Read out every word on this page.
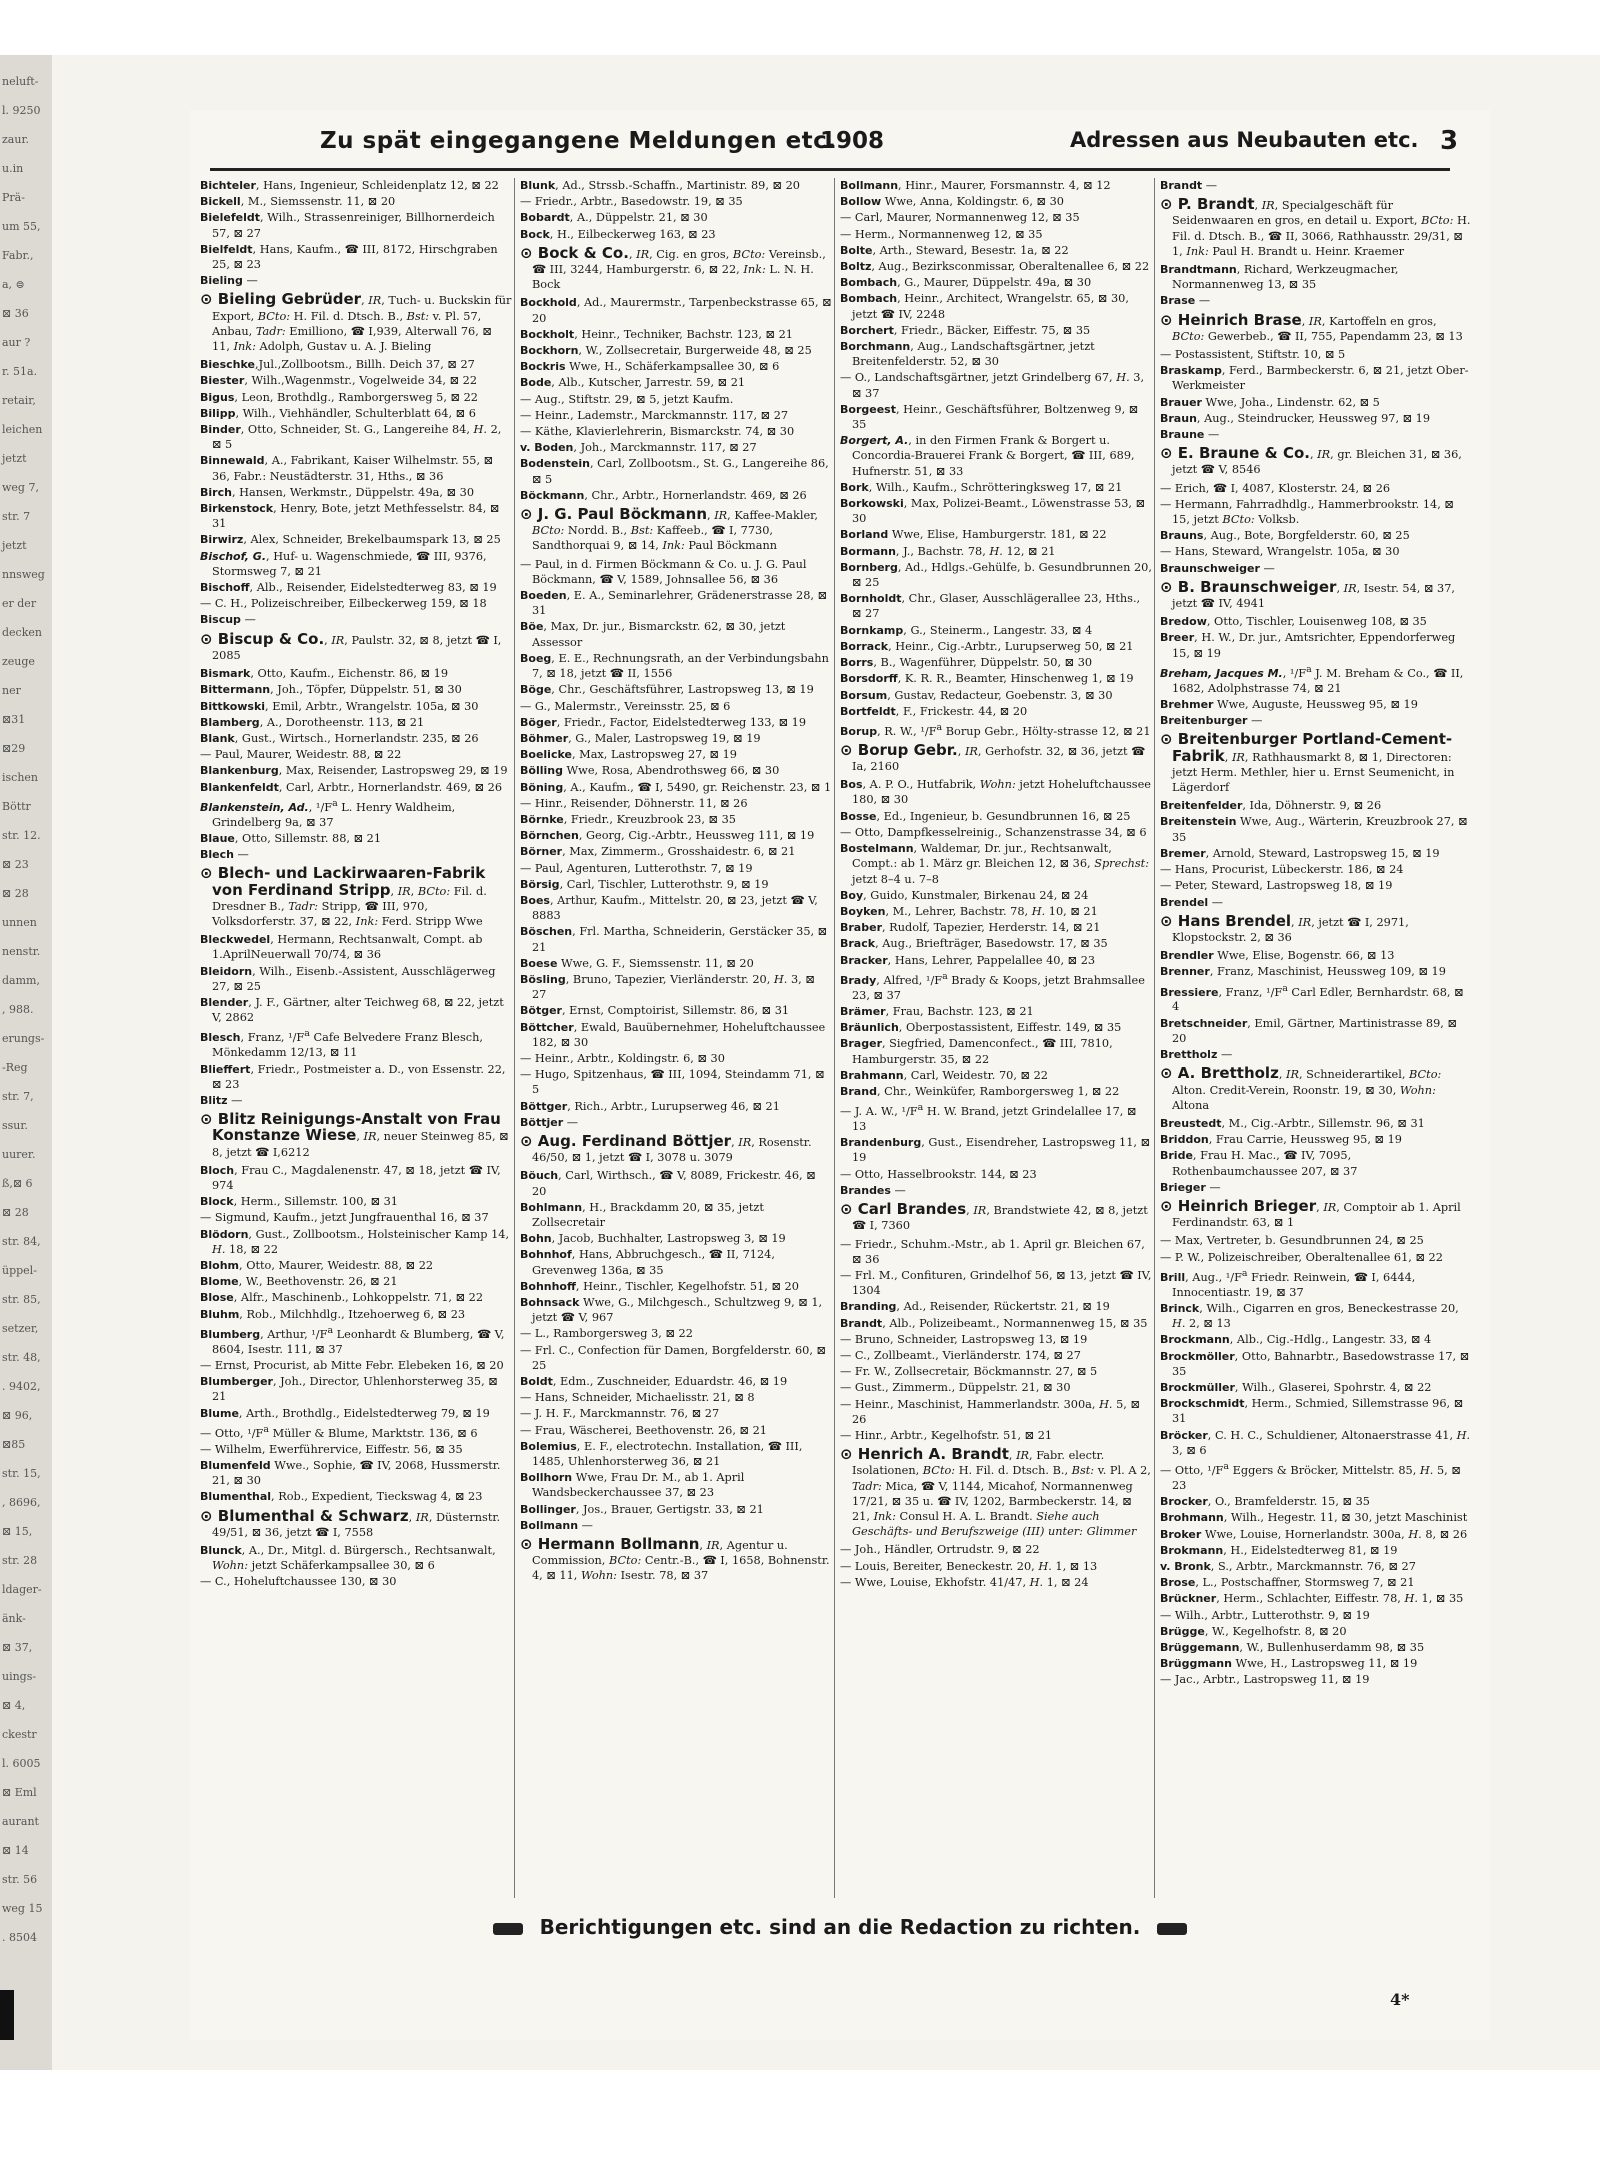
neluft-
l. 9250
zaur.
u.in
Prä-
um 55,
Fabr.,
a, ⊜
⊠ 36
aur ?
r. 51a.
retair,
leichen
jetzt
weg 7,
str. 7
jetzt
nnsweg
er der
decken
zeuge
ner
⊠31
⊠29
ischen
Böttr
str. 12.
⊠ 23
⊠ 28
unnen
nenstr.
damm,
, 988.
erungs-
-Reg
str. 7,
ssur.
uurer.
ß,⊠ 6
⊠ 28
str. 84,
üppel-
str. 85,
setzer,
str. 48,
. 9402,
⊠ 96,
⊠85
str. 15,
, 8696,
⊠ 15,
str. 28
ldager-
änk-
⊠ 37,
uings-
⊠ 4,
ckestr
l. 6005
⊠ Eml
aurant
⊠ 14
str. 56
weg 15
. 8504
Zu spät eingegangene Meldungen etc.
1908	Adressen aus Neubauten etc. 3
Bichteler, Hans, Ingenieur, Schleidenplatz 12, ⊠ 22
Bickell, M., Siemssenstr. 11, ⊠ 20
Bielefeldt, Wilh., Strassenreiniger, Billhornerdeich 57, ⊠ 27
Bielfeldt, Hans, Kaufm., ☎ III, 8172, Hirschgraben 25, ⊠ 23
Bieling —
⊙ Bieling Gebrüder, IR, Tuch- u. Buckskin für Export, BCto: H. Fil. d. Dtsch. B., Bst: v. Pl. 57, Anbau, Tadr: Emilliono, ☎ I,939, Alterwall 76, ⊠ 11, Ink: Adolph, Gustav u. A. J. Bieling
Bieschke,Jul.,Zollbootsm., Billh. Deich 37, ⊠ 27
Biester, Wilh.,Wagenmstr., Vogelweide 34, ⊠ 22
Bigus, Leon, Brothdlg., Ramborgersweg 5, ⊠ 22
Bilipp, Wilh., Viehhändler, Schulterblatt 64, ⊠ 6
Binder, Otto, Schneider, St. G., Langereihe 84, H. 2, ⊠ 5
Binnewald, A., Fabrikant, Kaiser Wilhelmstr. 55, ⊠ 36, Fabr.: Neustädterstr. 31, Hths., ⊠ 36
Birch, Hansen, Werkmstr., Düppelstr. 49a, ⊠ 30
Birkenstock, Henry, Bote, jetzt Methfesselstr. 84, ⊠ 31
Birwirz, Alex, Schneider, Brekelbaumspark 13, ⊠ 25
Bischof, G., Huf- u. Wagenschmiede, ☎ III, 9376, Stormsweg 7, ⊠ 21
Bischoff, Alb., Reisender, Eidelstedterweg 83, ⊠ 19
— C. H., Polizeischreiber, Eilbeckerweg 159, ⊠ 18
Biscup —
⊙ Biscup & Co., IR, Paulstr. 32, ⊠ 8, jetzt ☎ I, 2085
Bismark, Otto, Kaufm., Eichenstr. 86, ⊠ 19
Bittermann, Joh., Töpfer, Düppelstr. 51, ⊠ 30
Bittkowski, Emil, Arbtr., Wrangelstr. 105a, ⊠ 30
Blamberg, A., Dorotheenstr. 113, ⊠ 21
Blank, Gust., Wirtsch., Hornerlandstr. 235, ⊠ 26
— Paul, Maurer, Weidestr. 88, ⊠ 22
Blankenburg, Max, Reisender, Lastropsweg 29, ⊠ 19
Blankenfeldt, Carl, Arbtr., Hornerlandstr. 469, ⊠ 26
Blankenstein, Ad., $^1/F^a$ L. Henry Waldheim, Grindelberg 9a, ⊠ 37
Blaue, Otto, Sillemstr. 88, ⊠ 21
Blech —
⊙ Blech- und Lackirwaaren-Fabrik von Ferdinand Stripp, IR, BCto: Fil. d. Dresdner B., Tadr: Stripp, ☎ III, 970, Volksdorferstr. 37, ⊠ 22, Ink: Ferd. Stripp Wwe
Bleckwedel, Hermann, Rechtsanwalt, Compt. ab 1.AprilNeuerwall 70/74, ⊠ 36
Bleidorn, Wilh., Eisenb.-Assistent, Ausschlägerweg 27, ⊠ 25
Blender, J. F., Gärtner, alter Teichweg 68, ⊠ 22, jetzt V, 2862
Blesch, Franz, $^1/F^a$ Cafe Belvedere Franz Blesch, Mönkedamm 12/13, ⊠ 11
Blieffert, Friedr., Postmeister a. D., von Essenstr. 22, ⊠ 23
Blitz —
⊙ Blitz Reinigungs-Anstalt von Frau Konstanze Wiese, IR, neuer Steinweg 85, ⊠ 8, jetzt ☎ I,6212
Bloch, Frau C., Magdalenenstr. 47, ⊠ 18, jetzt ☎ IV, 974
Block, Herm., Sillemstr. 100, ⊠ 31
— Sigmund, Kaufm., jetzt Jungfrauenthal 16, ⊠ 37
Blödorn, Gust., Zollbootsm., Holsteinischer Kamp 14, H. 18, ⊠ 22
Blohm, Otto, Maurer, Weidestr. 88, ⊠ 22
Blome, W., Beethovenstr. 26, ⊠ 21
Blose, Alfr., Maschinenb., Lohkoppelstr. 71, ⊠ 22
Bluhm, Rob., Milchhdlg., Itzehoerweg 6, ⊠ 23
Blumberg, Arthur, $^1/F^a$ Leonhardt & Blumberg, ☎ V, 8604, Isestr. 111, ⊠ 37
— Ernst, Procurist, ab Mitte Febr. Elebeken 16, ⊠ 20
Blumberger, Joh., Director, Uhlenhorsterweg 35, ⊠ 21
Blume, Arth., Brothdlg., Eidelstedterweg 79, ⊠ 19
— Otto, $^1/F^a$ Müller & Blume, Marktstr. 136, ⊠ 6
— Wilhelm, Ewerführervice, Eiffestr. 56, ⊠ 35
Blumenfeld Wwe., Sophie, ☎ IV, 2068, Hussmerstr. 21, ⊠ 30
Blumenthal, Rob., Expedient, Tieckswag 4, ⊠ 23
⊙ Blumenthal & Schwarz, IR, Düsternstr. 49/51, ⊠ 36, jetzt ☎ I, 7558
Blunck, A., Dr., Mitgl. d. Bürgersch., Rechtsanwalt, Wohn: jetzt Schäferkampsallee 30, ⊠ 6
— C., Hoheluftchaussee 130, ⊠ 30
Blunk, Ad., Strssb.-Schaffn., Martinistr. 89, ⊠ 20
— Friedr., Arbtr., Basedowstr. 19, ⊠ 35
Bobardt, A., Düppelstr. 21, ⊠ 30
Bock, H., Eilbeckerweg 163, ⊠ 23
⊙ Bock & Co., IR, Cig. en gros, BCto: Vereinsb., ☎ III, 3244, Hamburgerstr. 6, ⊠ 22, Ink: L. N. H. Bock
Bockhold, Ad., Maurermstr., Tarpenbeckstrasse 65, ⊠ 20
Bockholt, Heinr., Techniker, Bachstr. 123, ⊠ 21
Bockhorn, W., Zollsecretair, Burgerweide 48, ⊠ 25
Bockris Wwe, H., Schäferkampsallee 30, ⊠ 6
Bode, Alb., Kutscher, Jarrestr. 59, ⊠ 21
— Aug., Stiftstr. 29, ⊠ 5, jetzt Kaufm.
— Heinr., Lademstr., Marckmannstr. 117, ⊠ 27
— Käthe, Klavierlehrerin, Bismarckstr. 74, ⊠ 30
v. Boden, Joh., Marckmannstr. 117, ⊠ 27
Bodenstein, Carl, Zollbootsm., St. G., Langereihe 86, ⊠ 5
Böckmann, Chr., Arbtr., Hornerlandstr. 469, ⊠ 26
⊙ J. G. Paul Böckmann, IR, Kaffee-Makler, BCto: Nordd. B., Bst: Kaffeeb., ☎ I, 7730, Sandthorquai 9, ⊠ 14, Ink: Paul Böckmann
— Paul, in d. Firmen Böckmann & Co. u. J. G. Paul Böckmann, ☎ V, 1589, Johnsallee 56, ⊠ 36
Boeden, E. A., Seminarlehrer, Grädenerstrasse 28, ⊠ 31
Böe, Max, Dr. jur., Bismarckstr. 62, ⊠ 30, jetzt Assessor
Boeg, E. E., Rechnungsrath, an der Verbindungsbahn 7, ⊠ 18, jetzt ☎ II, 1556
Böge, Chr., Geschäftsführer, Lastropsweg 13, ⊠ 19
— G., Malermstr., Vereinsstr. 25, ⊠ 6
Böger, Friedr., Factor, Eidelstedterweg 133, ⊠ 19
Böhmer, G., Maler, Lastropsweg 19, ⊠ 19
Boelicke, Max, Lastropsweg 27, ⊠ 19
Bölling Wwe, Rosa, Abendrothsweg 66, ⊠ 30
Böning, A., Kaufm., ☎ I, 5490, gr. Reichenstr. 23, ⊠ 1
— Hinr., Reisender, Döhnerstr. 11, ⊠ 26
Börnke, Friedr., Kreuzbrook 23, ⊠ 35
Börnchen, Georg, Cig.-Arbtr., Heussweg 111, ⊠ 19
Börner, Max, Zimmerm., Grosshaidestr. 6, ⊠ 21
— Paul, Agenturen, Lutterothstr. 7, ⊠ 19
Börsig, Carl, Tischler, Lutterothstr. 9, ⊠ 19
Boes, Arthur, Kaufm., Mittelstr. 20, ⊠ 23, jetzt ☎ V, 8883
Böschen, Frl. Martha, Schneiderin, Gerstäcker 35, ⊠ 21
Boese Wwe, G. F., Siemssenstr. 11, ⊠ 20
Bösling, Bruno, Tapezier, Vierländerstr. 20, H. 3, ⊠ 27
Bötger, Ernst, Comptoirist, Sillemstr. 86, ⊠ 31
Böttcher, Ewald, Bauübernehmer, Hoheluftchaussee 182, ⊠ 30
— Heinr., Arbtr., Koldingstr. 6, ⊠ 30
— Hugo, Spitzenhaus, ☎ III, 1094, Steindamm 71, ⊠ 5
Böttger, Rich., Arbtr., Lurupserweg 46, ⊠ 21
Böttjer —
⊙ Aug. Ferdinand Böttjer, IR, Rosenstr. 46/50, ⊠ 1, jetzt ☎ I, 3078 u. 3079
Böuch, Carl, Wirthsch., ☎ V, 8089, Frickestr. 46, ⊠ 20
Bohlmann, H., Brackdamm 20, ⊠ 35, jetzt Zollsecretair
Bohn, Jacob, Buchhalter, Lastropsweg 3, ⊠ 19
Bohnhof, Hans, Abbruchgesch., ☎ II, 7124, Grevenweg 136a, ⊠ 35
Bohnhoff, Heinr., Tischler, Kegelhofstr. 51, ⊠ 20
Bohnsack Wwe, G., Milchgesch., Schultzweg 9, ⊠ 1, jetzt ☎ V, 967
— L., Ramborgersweg 3, ⊠ 22
— Frl. C., Confection für Damen, Borgfelderstr. 60, ⊠ 25
Boldt, Edm., Zuschneider, Eduardstr. 46, ⊠ 19
— Hans, Schneider, Michaelisstr. 21, ⊠ 8
— J. H. F., Marckmannstr. 76, ⊠ 27
— Frau, Wäscherei, Beethovenstr. 26, ⊠ 21
Bolemius, E. F., electrotechn. Installation, ☎ III, 1485, Uhlenhorsterweg 36, ⊠ 21
Bollhorn Wwe, Frau Dr. M., ab 1. April Wandsbeckerchaussee 37, ⊠ 23
Bollinger, Jos., Brauer, Gertigstr. 33, ⊠ 21
Bollmann —
⊙ Hermann Bollmann, IR, Agentur u. Commission, BCto: Centr.-B., ☎ I, 1658, Bohnenstr. 4, ⊠ 11, Wohn: Isestr. 78, ⊠ 37
Bollmann, Hinr., Maurer, Forsmannstr. 4, ⊠ 12
Bollow Wwe, Anna, Koldingstr. 6, ⊠ 30
— Carl, Maurer, Normannenweg 12, ⊠ 35
— Herm., Normannenweg 12, ⊠ 35
Bolte, Arth., Steward, Besestr. 1a, ⊠ 22
Boltz, Aug., Bezirksconmissar, Oberaltenallee 6, ⊠ 22
Bombach, G., Maurer, Düppelstr. 49a, ⊠ 30
Bombach, Heinr., Architect, Wrangelstr. 65, ⊠ 30, jetzt ☎ IV, 2248
Borchert, Friedr., Bäcker, Eiffestr. 75, ⊠ 35
Borchmann, Aug., Landschaftsgärtner, jetzt Breitenfelderstr. 52, ⊠ 30
— O., Landschaftsgärtner, jetzt Grindelberg 67, H. 3, ⊠ 37
Borgeest, Heinr., Geschäftsführer, Boltzenweg 9, ⊠ 35
Borgert, A., in den Firmen Frank & Borgert u. Concordia-Brauerei Frank & Borgert, ☎ III, 689, Hufnerstr. 51, ⊠ 33
Bork, Wilh., Kaufm., Schrötteringksweg 17, ⊠ 21
Borkowski, Max, Polizei-Beamt., Löwenstrasse 53, ⊠ 30
Borland Wwe, Elise, Hamburgerstr. 181, ⊠ 22
Bormann, J., Bachstr. 78, H. 12, ⊠ 21
Bornberg, Ad., Hdlgs.-Gehülfe, b. Gesundbrunnen 20, ⊠ 25
Bornholdt, Chr., Glaser, Ausschlägerallee 23, Hths., ⊠ 27
Bornkamp, G., Steinerm., Langestr. 33, ⊠ 4
Borrack, Heinr., Cig.-Arbtr., Lurupserweg 50, ⊠ 21
Borrs, B., Wagenführer, Düppelstr. 50, ⊠ 30
Borsdorff, K. R. R., Beamter, Hinschenweg 1, ⊠ 19
Borsum, Gustav, Redacteur, Goebenstr. 3, ⊠ 30
Bortfeldt, F., Frickestr. 44, ⊠ 20
Borup, R. W., $^1/F^a$ Borup Gebr., Hölty-strasse 12, ⊠ 21
⊙ Borup Gebr., IR, Gerhofstr. 32, ⊠ 36, jetzt ☎ Ia, 2160
Bos, A. P. O., Hutfabrik, Wohn: jetzt Hoheluftchaussee 180, ⊠ 30
Bosse, Ed., Ingenieur, b. Gesundbrunnen 16, ⊠ 25
— Otto, Dampfkesselreinig., Schanzenstrasse 34, ⊠ 6
Bostelmann, Waldemar, Dr. jur., Rechtsanwalt, Compt.: ab 1. März gr. Bleichen 12, ⊠ 36, Sprechst: jetzt 8–4 u. 7–8
Boy, Guido, Kunstmaler, Birkenau 24, ⊠ 24
Boyken, M., Lehrer, Bachstr. 78, H. 10, ⊠ 21
Braber, Rudolf, Tapezier, Herderstr. 14, ⊠ 21
Brack, Aug., Briefträger, Basedowstr. 17, ⊠ 35
Bracker, Hans, Lehrer, Pappelallee 40, ⊠ 23
Brady, Alfred, $^1/F^a$ Brady & Koops, jetzt Brahmsallee 23, ⊠ 37
Brämer, Frau, Bachstr. 123, ⊠ 21
Bräunlich, Oberpostassistent, Eiffestr. 149, ⊠ 35
Brager, Siegfried, Damenconfect., ☎ III, 7810, Hamburgerstr. 35, ⊠ 22
Brahmann, Carl, Weidestr. 70, ⊠ 22
Brand, Chr., Weinküfer, Ramborgersweg 1, ⊠ 22
— J. A. W., $^1/F^a$ H. W. Brand, jetzt Grindelallee 17, ⊠ 13
Brandenburg, Gust., Eisendreher, Lastropsweg 11, ⊠ 19
— Otto, Hasselbrookstr. 144, ⊠ 23
Brandes —
⊙ Carl Brandes, IR, Brandstwiete 42, ⊠ 8, jetzt ☎ I, 7360
— Friedr., Schuhm.-Mstr., ab 1. April gr. Bleichen 67, ⊠ 36
— Frl. M., Confituren, Grindelhof 56, ⊠ 13, jetzt ☎ IV, 1304
Branding, Ad., Reisender, Rückertstr. 21, ⊠ 19
Brandt, Alb., Polizeibeamt., Normannenweg 15, ⊠ 35
— Bruno, Schneider, Lastropsweg 13, ⊠ 19
— C., Zollbeamt., Vierländerstr. 174, ⊠ 27
— Fr. W., Zollsecretair, Böckmannstr. 27, ⊠ 5
— Gust., Zimmerm., Düppelstr. 21, ⊠ 30
— Heinr., Maschinist, Hammerlandstr. 300a, H. 5, ⊠ 26
— Hinr., Arbtr., Kegelhofstr. 51, ⊠ 21
⊙ Henrich A. Brandt, IR, Fabr. electr. Isolationen, BCto: H. Fil. d. Dtsch. B., Bst: v. Pl. A 2, Tadr: Mica, ☎ V, 1144, Micahof, Normannenweg 17/21, ⊠ 35 u. ☎ IV, 1202, Barmbeckerstr. 14, ⊠ 21, Ink: Consul H. A. L. Brandt. Siehe auch Geschäfts- und Berufszweige (III) unter: Glimmer
— Joh., Händler, Ortrudstr. 9, ⊠ 22
— Louis, Bereiter, Beneckestr. 20, H. 1, ⊠ 13
— Wwe, Louise, Ekhofstr. 41/47, H. 1, ⊠ 24
Brandt —
⊙ P. Brandt, IR, Specialgeschäft für Seidenwaaren en gros, en detail u. Export, BCto: H. Fil. d. Dtsch. B., ☎ II, 3066, Rathhausstr. 29/31, ⊠ 1, Ink: Paul H. Brandt u. Heinr. Kraemer
Brandtmann, Richard, Werkzeugmacher, Normannenweg 13, ⊠ 35
Brase —
⊙ Heinrich Brase, IR, Kartoffeln en gros, BCto: Gewerbeb., ☎ II, 755, Papendamm 23, ⊠ 13
— Postassistent, Stiftstr. 10, ⊠ 5
Braskamp, Ferd., Barmbeckerstr. 6, ⊠ 21, jetzt Ober-Werkmeister
Brauer Wwe, Joha., Lindenstr. 62, ⊠ 5
Braun, Aug., Steindrucker, Heussweg 97, ⊠ 19
Braune —
⊙ E. Braune & Co., IR, gr. Bleichen 31, ⊠ 36, jetzt ☎ V, 8546
— Erich, ☎ I, 4087, Klosterstr. 24, ⊠ 26
— Hermann, Fahrradhdlg., Hammerbrookstr. 14, ⊠ 15, jetzt BCto: Volksb.
Brauns, Aug., Bote, Borgfelderstr. 60, ⊠ 25
— Hans, Steward, Wrangelstr. 105a, ⊠ 30
Braunschweiger —
⊙ B. Braunschweiger, IR, Isestr. 54, ⊠ 37, jetzt ☎ IV, 4941
Bredow, Otto, Tischler, Louisenweg 108, ⊠ 35
Breer, H. W., Dr. jur., Amtsrichter, Eppendorferweg 15, ⊠ 19
Breham, Jacques M., $^1/F^a$ J. M. Breham & Co., ☎ II, 1682, Adolphstrasse 74, ⊠ 21
Brehmer Wwe, Auguste, Heussweg 95, ⊠ 19
Breitenburger —
⊙ Breitenburger Portland-Cement-Fabrik, IR, Rathhausmarkt 8, ⊠ 1, Directoren: jetzt Herm. Methler, hier u. Ernst Seumenicht, in Lägerdorf
Breitenfelder, Ida, Döhnerstr. 9, ⊠ 26
Breitenstein Wwe, Aug., Wärterin, Kreuzbrook 27, ⊠ 35
Bremer, Arnold, Steward, Lastropsweg 15, ⊠ 19
— Hans, Procurist, Lübeckerstr. 186, ⊠ 24
— Peter, Steward, Lastropsweg 18, ⊠ 19
Brendel —
⊙ Hans Brendel, IR, jetzt ☎ I, 2971, Klopstockstr. 2, ⊠ 36
Brendler Wwe, Elise, Bogenstr. 66, ⊠ 13
Brenner, Franz, Maschinist, Heussweg 109, ⊠ 19
Bressiere, Franz, $^1/F^a$ Carl Edler, Bernhardstr. 68, ⊠ 4
Bretschneider, Emil, Gärtner, Martinistrasse 89, ⊠ 20
Brettholz —
⊙ A. Brettholz, IR, Schneiderartikel, BCto: Alton. Credit-Verein, Roonstr. 19, ⊠ 30, Wohn: Altona
Breustedt, M., Cig.-Arbtr., Sillemstr. 96, ⊠ 31
Briddon, Frau Carrie, Heussweg 95, ⊠ 19
Bride, Frau H. Mac., ☎ IV, 7095, Rothenbaumchaussee 207, ⊠ 37
Brieger —
⊙ Heinrich Brieger, IR, Comptoir ab 1. April Ferdinandstr. 63, ⊠ 1
— Max, Vertreter, b. Gesundbrunnen 24, ⊠ 25
— P. W., Polizeischreiber, Oberaltenallee 61, ⊠ 22
Brill, Aug., $^1/F^a$ Friedr. Reinwein, ☎ I, 6444, Innocentiastr. 19, ⊠ 37
Brinck, Wilh., Cigarren en gros, Beneckestrasse 20, H. 2, ⊠ 13
Brockmann, Alb., Cig.-Hdlg., Langestr. 33, ⊠ 4
Brockmöller, Otto, Bahnarbtr., Basedowstrasse 17, ⊠ 35
Brockmüller, Wilh., Glaserei, Spohrstr. 4, ⊠ 22
Brockschmidt, Herm., Schmied, Sillemstrasse 96, ⊠ 31
Bröcker, C. H. C., Schuldiener, Altonaerstrasse 41, H. 3, ⊠ 6
— Otto, $^1/F^a$ Eggers & Bröcker, Mittelstr. 85, H. 5, ⊠ 23
Brocker, O., Bramfelderstr. 15, ⊠ 35
Brohmann, Wilh., Hegestr. 11, ⊠ 30, jetzt Maschinist
Broker Wwe, Louise, Hornerlandstr. 300a, H. 8, ⊠ 26
Brokmann, H., Eidelstedterweg 81, ⊠ 19
v. Bronk, S., Arbtr., Marckmannstr. 76, ⊠ 27
Brose, L., Postschaffner, Stormsweg 7, ⊠ 21
Brückner, Herm., Schlachter, Eiffestr. 78, H. 1, ⊠ 35
— Wilh., Arbtr., Lutterothstr. 9, ⊠ 19
Brügge, W., Kegelhofstr. 8, ⊠ 20
Brüggemann, W., Bullenhuserdamm 98, ⊠ 35
Brüggmann Wwe, H., Lastropsweg 11, ⊠ 19
— Jac., Arbtr., Lastropsweg 11, ⊠ 19
Berichtigungen etc. sind an die Redaction zu richten.
4*
